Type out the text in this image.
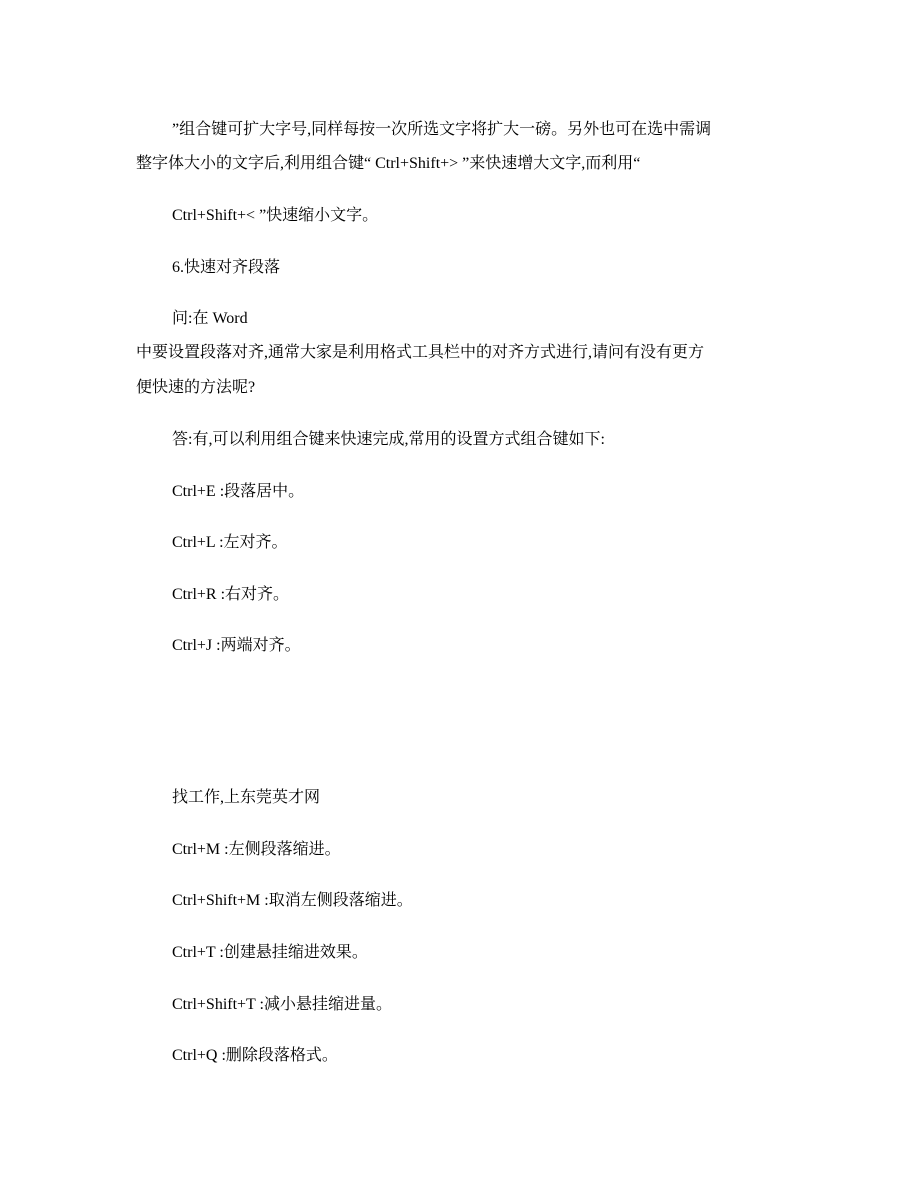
”组合键可扩大字号,同样每按一次所选文字将扩大一磅。另外也可在选中需调
整字体大小的文字后,利用组合键“ Ctrl+Shift+> ”来快速增大文字,而利用“
Ctrl+Shift+< ”快速缩小文字。
6.快速对齐段落
问:在 Word
中要设置段落对齐,通常大家是利用格式工具栏中的对齐方式进行,请问有没有更方
便快速的方法呢?
答:有,可以利用组合键来快速完成,常用的设置方式组合键如下:
Ctrl+E :段落居中。
Ctrl+L :左对齐。
Ctrl+R :右对齐。
Ctrl+J :两端对齐。
找工作,上东莞英才网
Ctrl+M :左侧段落缩进。
Ctrl+Shift+M :取消左侧段落缩进。
Ctrl+T :创建悬挂缩进效果。
Ctrl+Shift+T :减小悬挂缩进量。
Ctrl+Q :删除段落格式。
